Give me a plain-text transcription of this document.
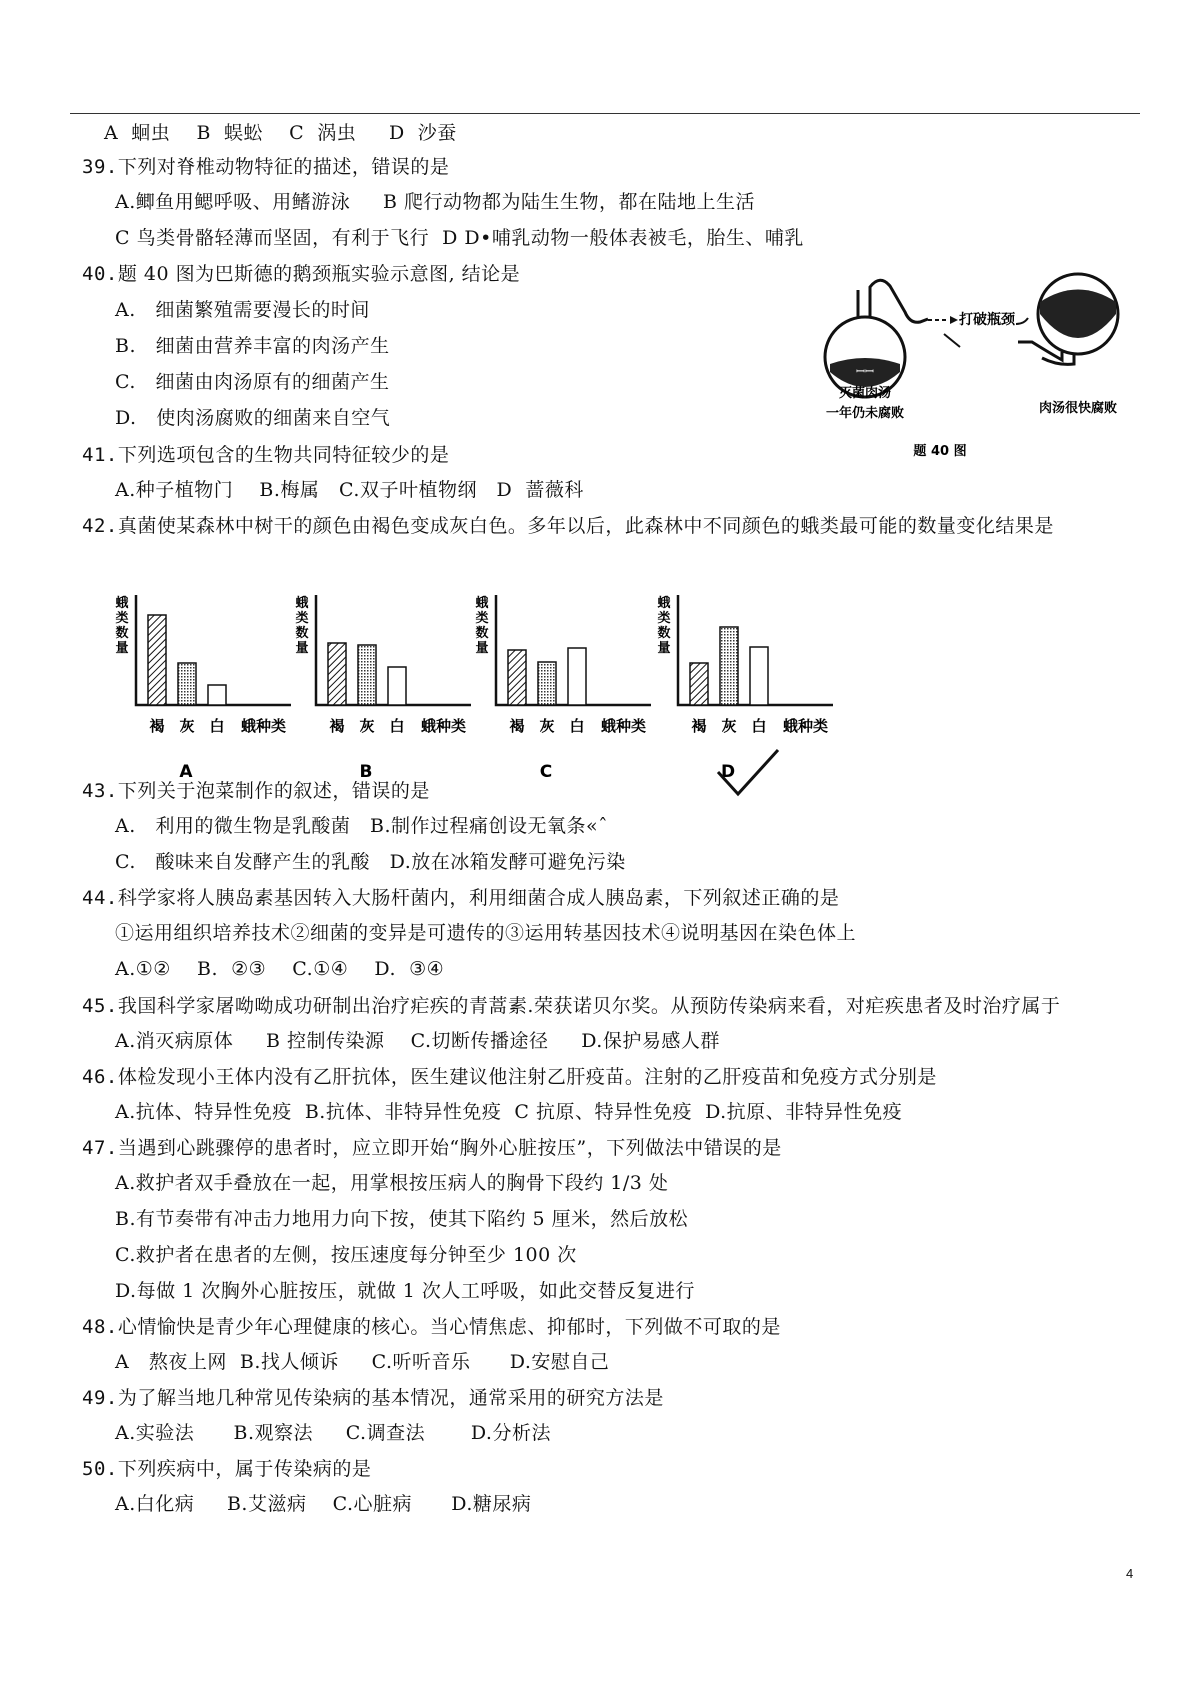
A  蛔虫    B  蜈蚣    C  涡虫     D  沙蚕
39.下列对脊椎动物特征的描述，错误的是
A.鲫鱼用鳃呼吸、用鳍游泳     B 爬行动物都为陆生生物，都在陆地上生活
C 鸟类骨骼轻薄而坚固，有利于飞行  D D•哺乳动物一般体表被毛，胎生、哺乳
40.题 40 图为巴斯德的鹅颈瓶实验示意图, 结论是
A.   细菌繁殖需要漫长的时间
B.   细菌由营养丰富的肉汤产生
C.   细菌由肉汤原有的细菌产生
D.   使肉汤腐败的细菌来自空气
41.下列选项包含的生物共同特征较少的是
A.种子植物门    B.梅属   C.双子叶植物纲   D  蔷薇科
42.真菌使某森林中树干的颜色由褐色变成灰白色。多年以后，此森林中不同颜色的蛾类最可能的数量变化结果是
43.下列关于泡菜制作的叙述，错误的是
A.   利用的微生物是乳酸菌   B.制作过程痛创设无氧条«ˆ
C.   酸味来自发酵产生的乳酸   D.放在冰箱发酵可避免污染
44.科学家将人胰岛素基因转入大肠杆菌内，利用细菌合成人胰岛素，下列叙述正确的是
①运用组织培养技术②细菌的变异是可遗传的③运用转基因技术④说明基因在染色体上
A.①②    B.  ②③    C.①④    D.  ③④
45.我国科学家屠呦呦成功研制出治疗疟疾的青蒿素.荣获诺贝尔奖。从预防传染病来看，对疟疾患者及时治疗属于
A.消灭病原体     B 控制传染源    C.切断传播途径     D.保护易感人群
46.体检发现小王体内没有乙肝抗体，医生建议他注射乙肝疫苗。注射的乙肝疫苗和免疫方式分别是
A.抗体、特异性免疫  B.抗体、非特异性免疫  C 抗原、特异性免疫  D.抗原、非特异性免疫
47.当遇到心跳骤停的患者时，应立即开始“胸外心脏按压”，下列做法中错误的是
A.救护者双手叠放在一起，用掌根按压病人的胸骨下段约 1/3 处
B.有节奏带有冲击力地用力向下按，使其下陷约 5 厘米，然后放松
C.救护者在患者的左侧，按压速度每分钟至少 100 次
D.每做 1 次胸外心脏按压，就做 1 次人工呼吸，如此交替反复进行
48.心情愉快是青少年心理健康的核心。当心情焦虑、抑郁时，下列做不可取的是
A   熬夜上网  B.找人倾诉     C.听听音乐      D.安慰自己
49.为了解当地几种常见传染病的基本情况，通常采用的研究方法是
A.实验法      B.观察法     C.调查法       D.分析法
50.下列疾病中，属于传染病的是
A.白化病     B.艾滋病    C.心脏病      D.糖尿病
ꟷꟷ
打破瓶颈
灭菌肉汤
一年仍未腐败	肉汤很快腐败
题 40 图
蛾
类
数
量
褐 灰 白 蛾种类
A
蛾
类
数
量
褐 灰 白 蛾种类
B
蛾
类
数
量
褐 灰 白 蛾种类
C
蛾
类
数
量
褐 灰 白 蛾种类
D
4
